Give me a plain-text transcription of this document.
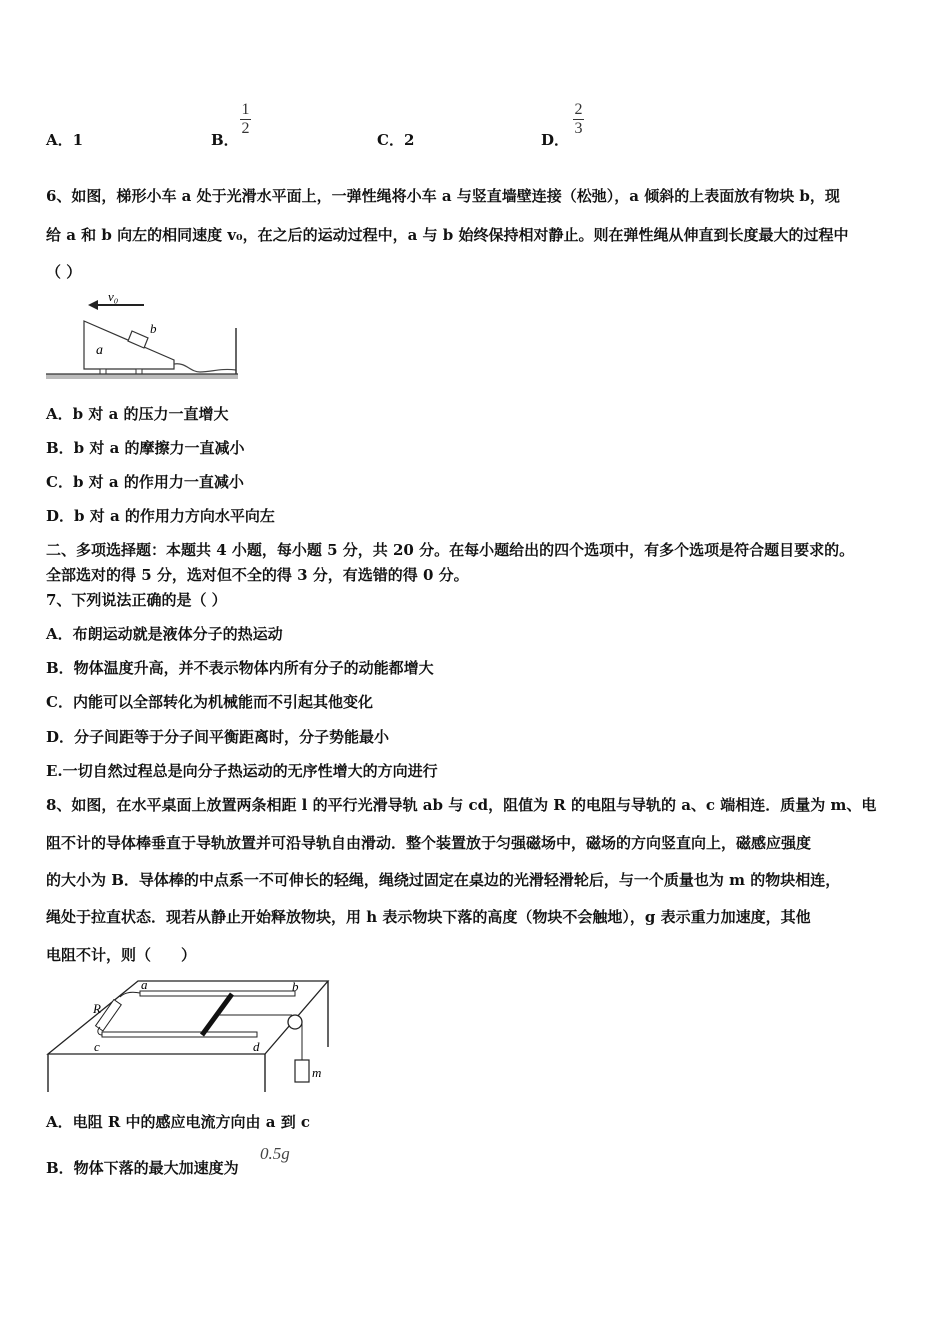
A．1	B．
1
2
C．2	D．
2
3
6、如图，梯形小车 a 处于光滑水平面上，一弹性绳将小车 a 与竖直墙壁连接（松弛），a 倾斜的上表面放有物块 b，现
给 a 和 b 向左的相同速度 v₀，在之后的运动过程中，a 与 b 始终保持相对静止。则在弹性绳从伸直到长度最大的过程中
（ ）
v₀
a
b
A．b 对 a 的压力一直增大
B．b 对 a 的摩擦力一直减小
C．b 对 a 的作用力一直减小
D．b 对 a 的作用力方向水平向左
二、多项选择题：本题共 4 小题，每小题 5 分，共 20 分。在每小题给出的四个选项中，有多个选项是符合题目要求的。
全部选对的得 5 分，选对但不全的得 3 分，有选错的得 0 分。
7、下列说法正确的是（ ）
A．布朗运动就是液体分子的热运动
B．物体温度升高，并不表示物体内所有分子的动能都增大
C．内能可以全部转化为机械能而不引起其他变化
D．分子间距等于分子间平衡距离时，分子势能最小
E.一切自然过程总是向分子热运动的无序性增大的方向进行
8、如图，在水平桌面上放置两条相距 l 的平行光滑导轨 ab 与 cd，阻值为 R 的电阻与导轨的 a、c 端相连．质量为 m、电
阻不计的导体棒垂直于导轨放置并可沿导轨自由滑动．整个装置放于匀强磁场中，磁场的方向竖直向上，磁感应强度
的大小为 B．导体棒的中点系一不可伸长的轻绳，绳绕过固定在桌边的光滑轻滑轮后，与一个质量也为 m 的物块相连，
绳处于拉直状态．现若从静止开始释放物块，用 h 表示物块下落的高度（物块不会触地），g 表示重力加速度，其他
电阻不计，则（　　）
a	b
c	d
R
m
A．电阻 R 中的感应电流方向由 a 到 c
B．物体下落的最大加速度为
0.5g
